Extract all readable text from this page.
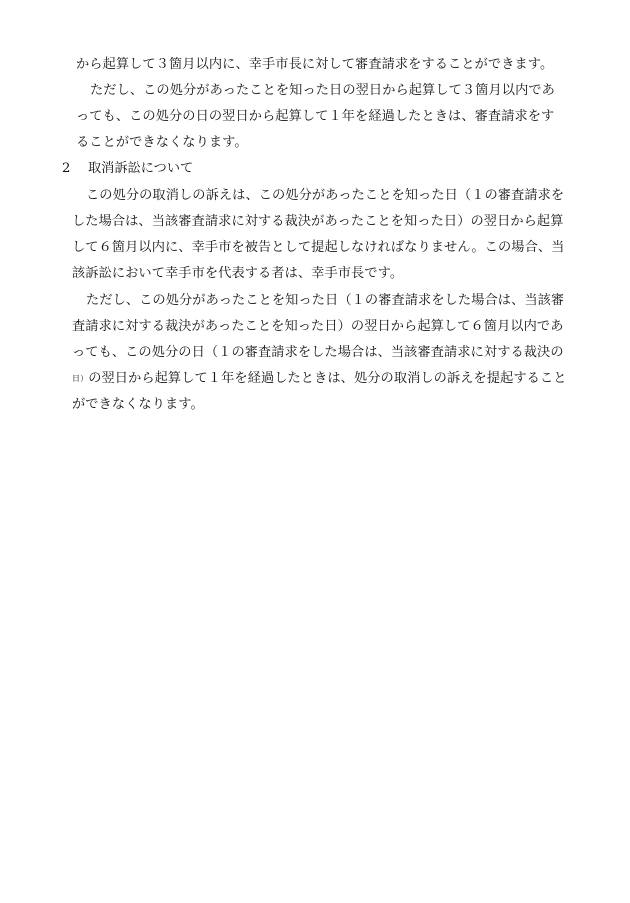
から起算して３箇月以内に、幸手市長に対して審査請求をすることができます。
ただし、この処分があったことを知った日の翌日から起算して３箇月以内であ
っても、この処分の日の翌日から起算して１年を経過したときは、審査請求をす
ることができなくなります。
2 取消訴訟について
この処分の取消しの訴えは、この処分があったことを知った日（１の審査請求を
した場合は、当該審査請求に対する裁決があったことを知った日）の翌日から起算
して６箇月以内に、幸手市を被告として提起しなければなりません。この場合、当
該訴訟において幸手市を代表する者は、幸手市長です。
ただし、この処分があったことを知った日（１の審査請求をした場合は、当該審
査請求に対する裁決があったことを知った日）の翌日から起算して６箇月以内であ
っても、この処分の日（１の審査請求をした場合は、当該審査請求に対する裁決の
日）の翌日から起算して１年を経過したときは、処分の取消しの訴えを提起すること
ができなくなります。
